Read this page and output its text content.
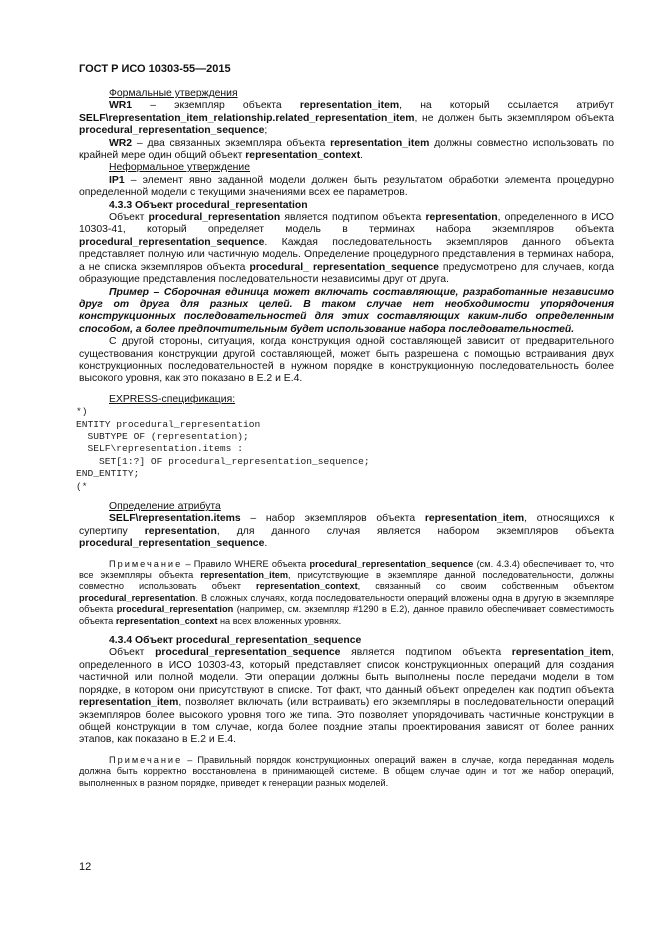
ГОСТ Р ИСО 10303-55—2015

Формальные утверждения

WR1 – экземпляр объекта representation_item, на который ссылается атрибут SELF\representation_item_relationship.related_representation_item, не должен быть экземпляром объекта procedural_representation_sequence;

WR2 – два связанных экземпляра объекта representation_item должны совместно использовать по крайней мере один общий объект representation_context.

Неформальное утверждение

IP1 – элемент явно заданной модели должен быть результатом обработки элемента процедурно определенной модели с текущими значениями всех ее параметров.

4.3.3 Объект procedural_representation

Объект procedural_representation является подтипом объекта representation, определенного в ИСО 10303-41, который определяет модель в терминах набора экземпляров объекта procedural_representation_sequence. Каждая последовательность экземпляров данного объекта представляет полную или частичную модель. Определение процедурного представления в терминах набора, а не списка экземпляров объекта procedural_ representation_sequence предусмотрено для случаев, когда образующие представления последовательности независимы друг от друга.

Пример – Сборочная единица может включать составляющие, разработанные независимо друг от друга для разных целей. В таком случае нет необходимости упорядочения конструкционных последовательностей для этих составляющих каким-либо определенным способом, а более предпочтительным будет использование набора последовательностей.

С другой стороны, ситуация, когда конструкция одной составляющей зависит от предварительного существования конструкции другой составляющей, может быть разрешена с помощью встраивания двух конструкционных последовательностей в нужном порядке в конструкционную последовательность более высокого уровня, как это показано в Е.2 и Е.4.

EXPRESS-спецификация:

*)
ENTITY procedural_representation
SUBTYPE OF (representation);
SELF\representation.items :
SET[1:?] OF procedural_representation_sequence;
END_ENTITY;
(*

Определение атрибута

SELF\representation.items – набор экземпляров объекта representation_item, относящихся к супертипу representation, для данного случая является набором экземпляров объекта procedural_representation_sequence.

Примечание – Правило WHERE объекта procedural_representation_sequence (см. 4.3.4) обеспечивает то, что все экземпляры объекта representation_item, присутствующие в экземпляре данной последовательности, должны совместно использовать объект representation_context, связанный со своим собственным объектом procedural_representation. В сложных случаях, когда последовательности операций вложены одна в другую в экземпляре объекта procedural_representation (например, см. экземпляр #1290 в Е.2), данное правило обеспечивает совместимость объекта representation_context на всех вложенных уровнях.

4.3.4 Объект procedural_representation_sequence

Объект procedural_representation_sequence является подтипом объекта representation_item, определенного в ИСО 10303-43, который представляет список конструкционных операций для создания частичной или полной модели. Эти операции должны быть выполнены после передачи модели в том порядке, в котором они присутствуют в списке. Тот факт, что данный объект определен как подтип объекта representation_item, позволяет включать (или встраивать) его экземпляры в последовательности операций экземпляров более высокого уровня того же типа. Это позволяет упорядочивать частичные конструкции в общей конструкции в том случае, когда более поздние этапы проектирования зависят от более ранних этапов, как показано в Е.2 и Е.4.

Примечание – Правильный порядок конструкционных операций важен в случае, когда переданная модель должна быть корректно восстановлена в принимающей системе. В общем случае один и тот же набор операций, выполненных в разном порядке, приведет к генерации разных моделей.

12
